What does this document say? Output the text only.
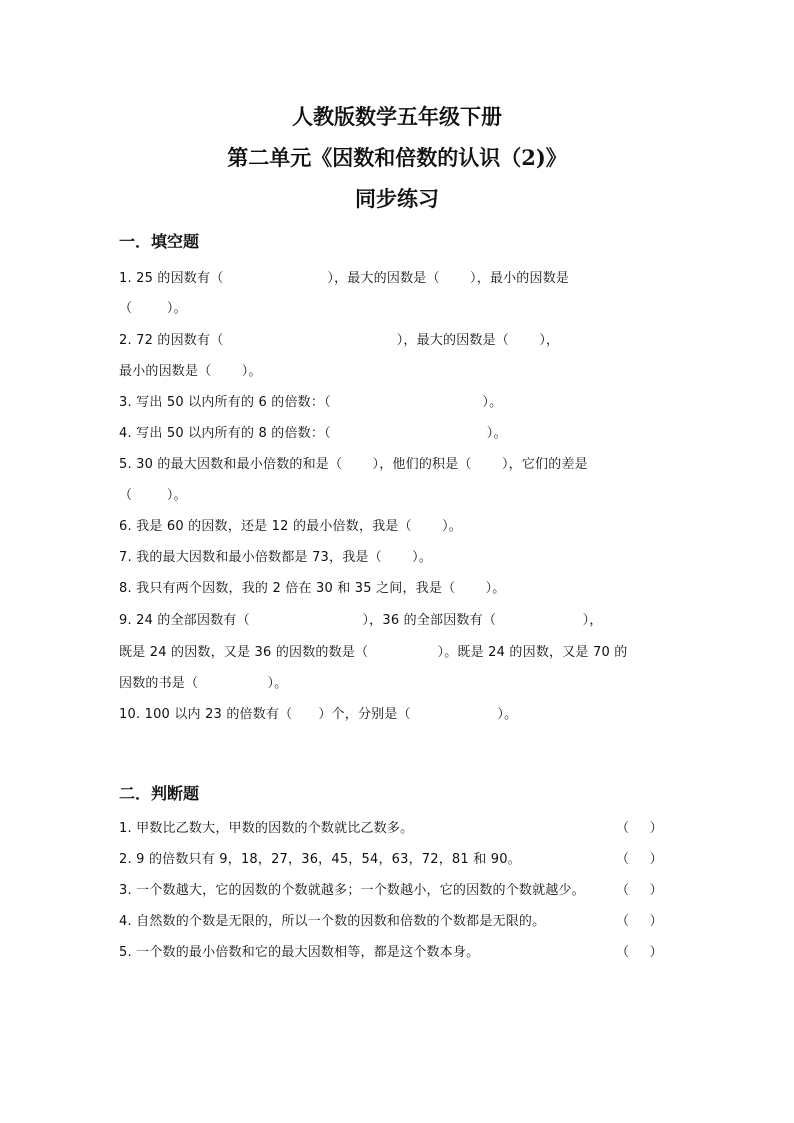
人教版数学五年级下册
第二单元《因数和倍数的认识（2)》
同步练习
一．填空题
1. 25 的因数有（                        ），最大的因数是（       ），最小的因数是
（        ）。
2. 72 的因数有（                                        ），最大的因数是（       ），
最小的因数是（       ）。
3. 写出 50 以内所有的 6 的倍数：（                                   ）。
4. 写出 50 以内所有的 8 的倍数：（                                    ）。
5. 30 的最大因数和最小倍数的和是（       ），他们的积是（       ），它们的差是
（        ）。
6. 我是 60 的因数，还是 12 的最小倍数，我是（       ）。
7. 我的最大因数和最小倍数都是 73，我是（       ）。
8. 我只有两个因数，我的 2 倍在 30 和 35 之间，我是（       ）。
9. 24 的全部因数有（                          ），36 的全部因数有（                    ），
既是 24 的因数，又是 36 的因数的数是（                ）。既是 24 的因数，又是 70 的
因数的书是（                ）。
10. 100 以内 23 的倍数有（      ）个，分别是（                    ）。
二．判断题
1. 甲数比乙数大，甲数的因数的个数就比乙数多。	（     ）
2. 9 的倍数只有 9，18，27，36，45，54，63，72，81 和 90。	（     ）
3. 一个数越大，它的因数的个数就越多；一个数越小，它的因数的个数就越少。 （     ）
4. 自然数的个数是无限的，所以一个数的因数和倍数的个数都是无限的。	（     ）
5. 一个数的最小倍数和它的最大因数相等，都是这个数本身。	（     ）
